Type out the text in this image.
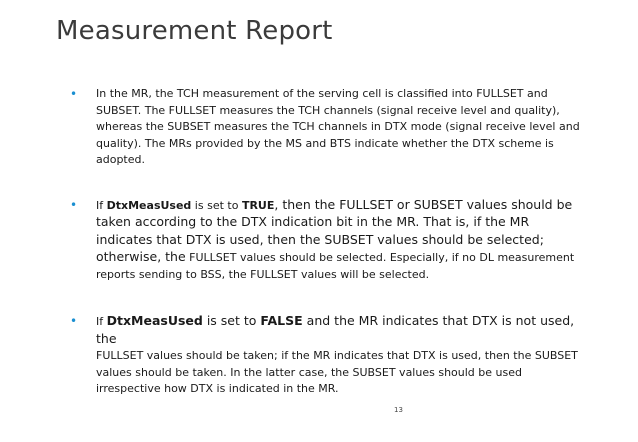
Measurement Report
• In the MR, the TCH measurement of the serving cell is classified into FULLSET and SUBSET. The FULLSET measures the TCH channels (signal receive level and quality), whereas the SUBSET measures the TCH channels in DTX mode (signal receive level and quality). The MRs provided by the MS and BTS indicate whether the DTX scheme is adopted.
• If DtxMeasUsed is set to TRUE, then the FULLSET or SUBSET values should be taken according to the DTX indication bit in the MR. That is, if the MR indicates that DTX is used, then the SUBSET values should be selected; otherwise, the FULLSET values should be selected. Especially, if no DL measurement reports sending to BSS, the FULLSET values will be selected.
• If DtxMeasUsed is set to FALSE and the MR indicates that DTX is not used, the
FULLSET values should be taken; if the MR indicates that DTX is used, then the SUBSET values should be taken. In the latter case, the SUBSET values should be used irrespective how DTX is indicated in the MR.
13
